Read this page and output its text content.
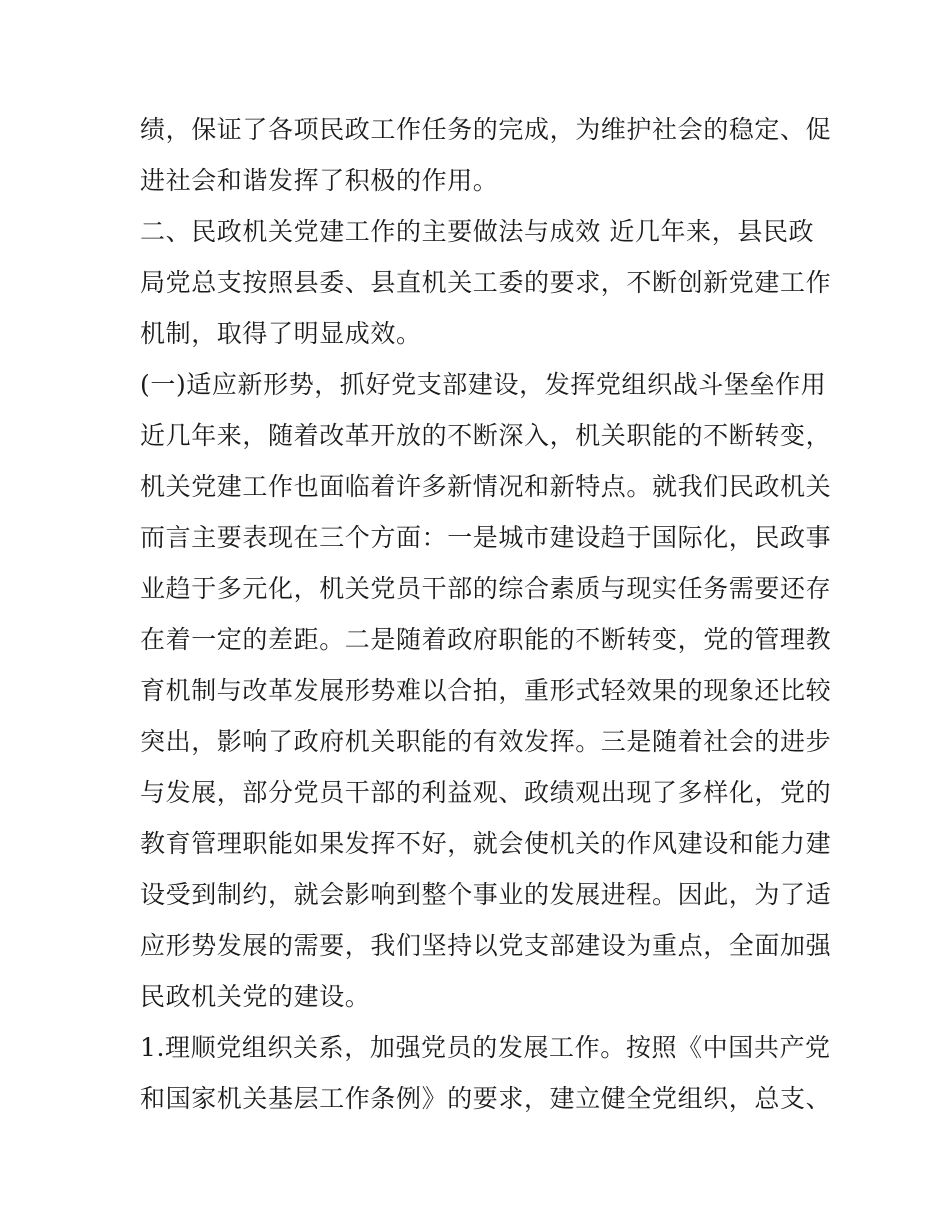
绩，保证了各项民政工作任务的完成，为维护社会的稳定、促
进社会和谐发挥了积极的作用。
二、民政机关党建工作的主要做法与成效 近几年来，县民政
局党总支按照县委、县直机关工委的要求，不断创新党建工作
机制，取得了明显成效。
(一)适应新形势，抓好党支部建设，发挥党组织战斗堡垒作用
近几年来，随着改革开放的不断深入，机关职能的不断转变，
机关党建工作也面临着许多新情况和新特点。就我们民政机关
而言主要表现在三个方面：一是城市建设趋于国际化，民政事
业趋于多元化，机关党员干部的综合素质与现实任务需要还存
在着一定的差距。二是随着政府职能的不断转变，党的管理教
育机制与改革发展形势难以合拍，重形式轻效果的现象还比较
突出，影响了政府机关职能的有效发挥。三是随着社会的进步
与发展，部分党员干部的利益观、政绩观出现了多样化，党的
教育管理职能如果发挥不好，就会使机关的作风建设和能力建
设受到制约，就会影响到整个事业的发展进程。因此，为了适
应形势发展的需要，我们坚持以党支部建设为重点，全面加强
民政机关党的建设。
1.理顺党组织关系，加强党员的发展工作。按照《中国共产党
和国家机关基层工作条例》的要求，建立健全党组织，总支、
